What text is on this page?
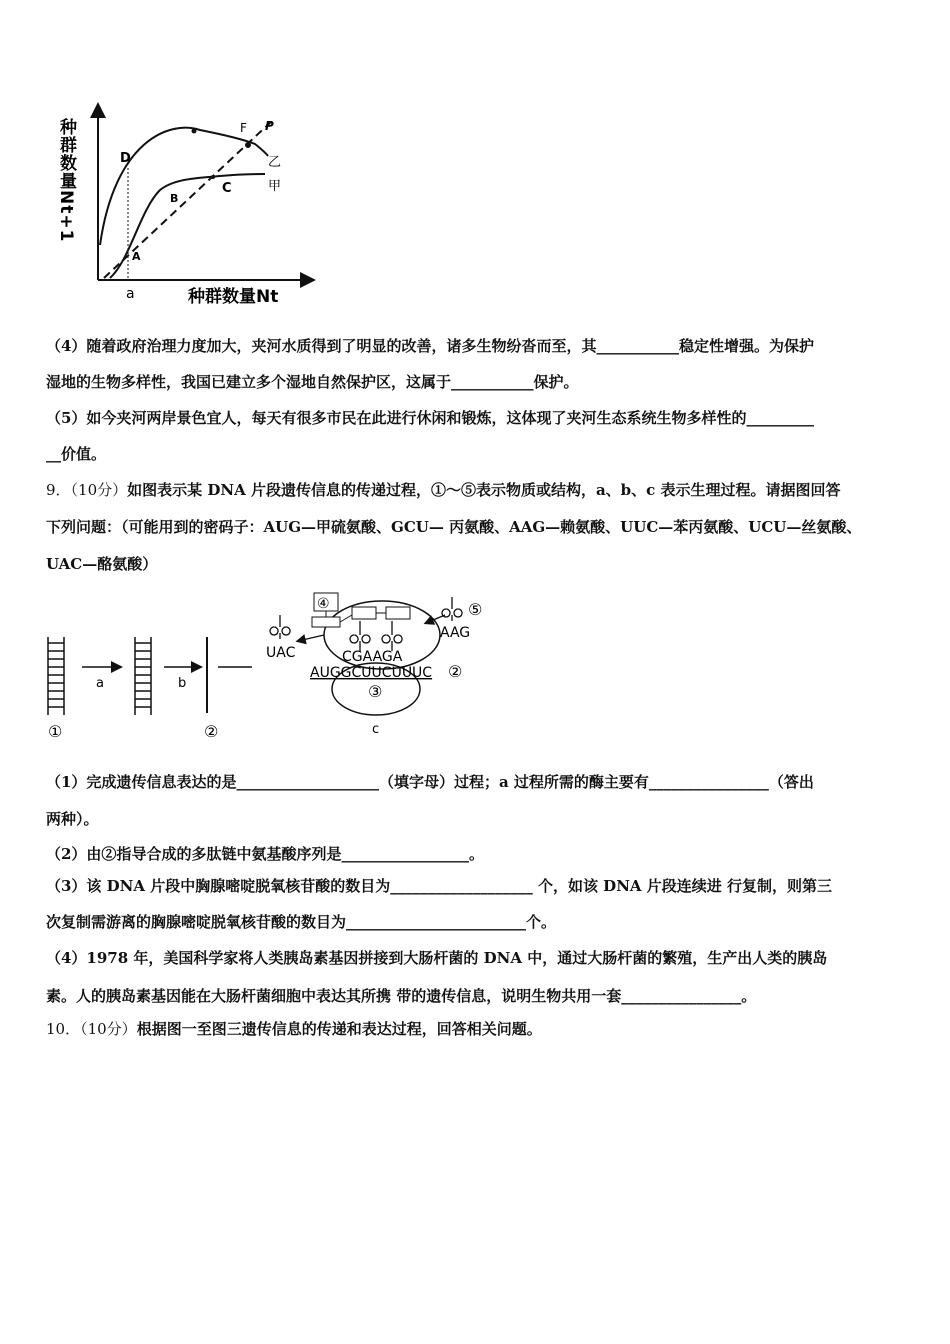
种群数量Nt+1
种群数量Nt
D
F P
乙
C	甲
B
A
a
（4）随着政府治理力度加大，夹河水质得到了明显的改善，诸多生物纷沓而至，其___________稳定性增强。为保护
湿地的生物多样性，我国已建立多个湿地自然保护区，这属于___________保护。
（5）如今夹河两岸景色宜人，每天有很多市民在此进行休闲和锻炼，这体现了夹河生态系统生物多样性的_________
__价值。
9．（10分）如图表示某 DNA 片段遗传信息的传递过程，①～⑤表示物质或结构，a、b、c 表示生理过程。请据图回答
下列问题：（可能用到的密码子：AUG—甲硫氨酸、GCU— 丙氨酸、AAG—赖氨酸、UUC—苯丙氨酸、UCU—丝氨酸、
UAC—酪氨酸）
a	b
①	②
④
CGAAGA
AUGGCUUCUUUC ②
③
c
UAC
⑤
AAG
（1）完成遗传信息表达的是___________________（填字母）过程；a 过程所需的酶主要有________________（答出
两种）。
（2）由②指导合成的多肽链中氨基酸序列是_________________。
（3）该 DNA 片段中胸腺嘧啶脱氧核苷酸的数目为___________________ 个，如该 DNA 片段连续进 行复制，则第三
次复制需游离的胸腺嘧啶脱氧核苷酸的数目为________________________个。
（4）1978 年，美国科学家将人类胰岛素基因拼接到大肠杆菌的 DNA 中，通过大肠杆菌的繁殖，生产出人类的胰岛
素。人的胰岛素基因能在大肠杆菌细胞中表达其所携 带的遗传信息，说明生物共用一套________________。
10．（10分）根据图一至图三遗传信息的传递和表达过程，回答相关问题。
